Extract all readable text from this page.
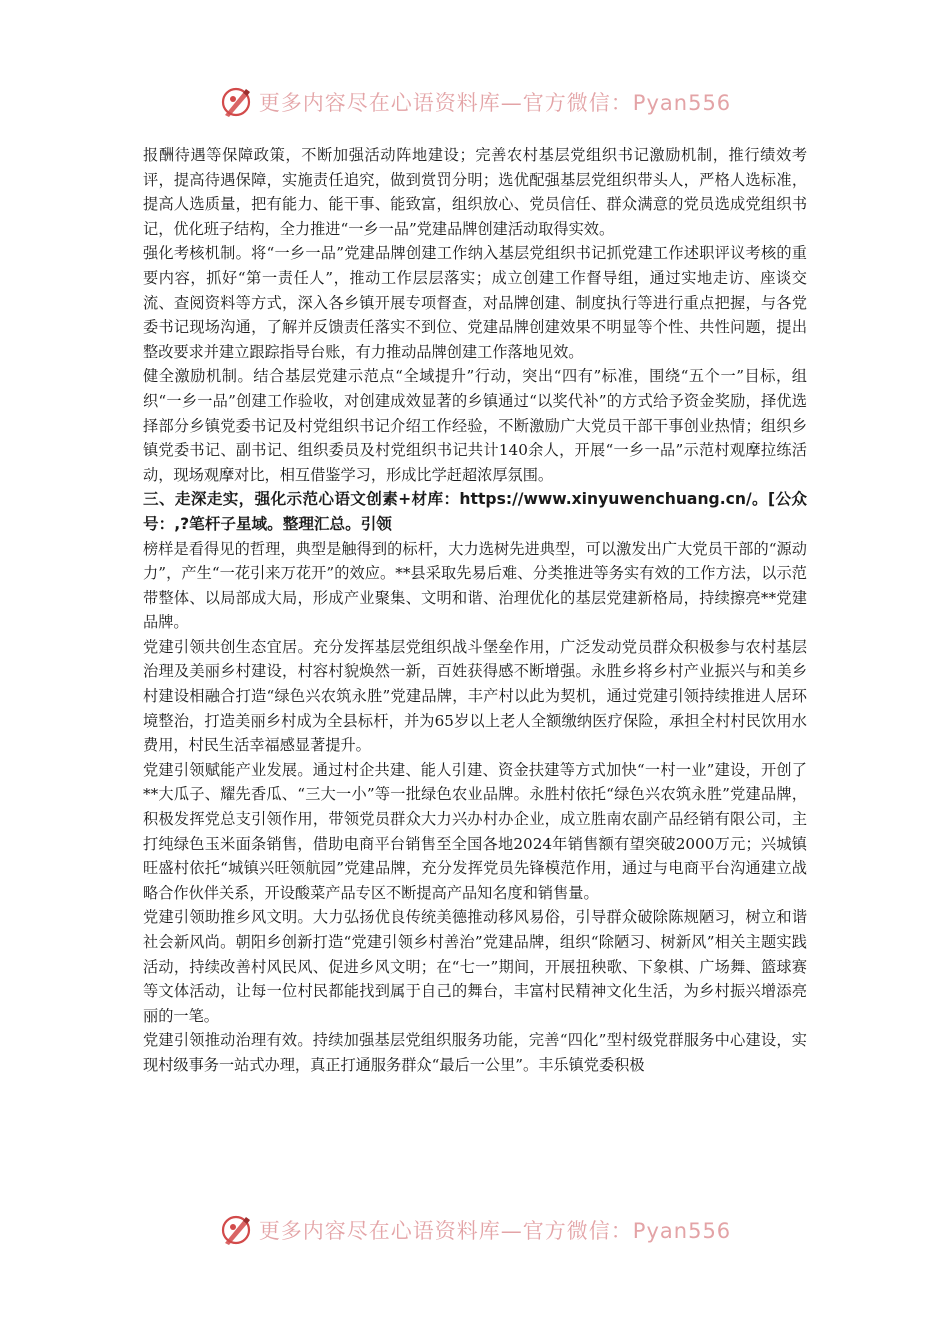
更多内容尽在心语资料库—官方微信：Pyan556

报酬待遇等保障政策，不断加强活动阵地建设；完善农村基层党组织书记激励机制，推行绩效考评，提高待遇保障，实施责任追究，做到赏罚分明；选优配强基层党组织带头人，严格人选标准，提高人选质量，把有能力、能干事、能致富，组织放心、党员信任、群众满意的党员选成党组织书记，优化班子结构，全力推进“一乡一品”党建品牌创建活动取得实效。

强化考核机制。将“一乡一品”党建品牌创建工作纳入基层党组织书记抓党建工作述职评议考核的重要内容，抓好“第一责任人”，推动工作层层落实；成立创建工作督导组，通过实地走访、座谈交流、查阅资料等方式，深入各乡镇开展专项督查，对品牌创建、制度执行等进行重点把握，与各党委书记现场沟通，了解并反馈责任落实不到位、党建品牌创建效果不明显等个性、共性问题，提出整改要求并建立跟踪指导台账，有力推动品牌创建工作落地见效。

健全激励机制。结合基层党建示范点“全域提升”行动，突出“四有”标准，围绕“五个一”目标，组织“一乡一品”创建工作验收，对创建成效显著的乡镇通过“以奖代补”的方式给予资金奖励，择优选择部分乡镇党委书记及村党组织书记介绍工作经验，不断激励广大党员干部干事创业热情；组织乡镇党委书记、副书记、组织委员及村党组织书记共计140余人，开展“一乡一品”示范村观摩拉练活动，现场观摩对比，相互借鉴学习，形成比学赶超浓厚氛围。

三、走深走实，强化示范心语文创素+材库：https://www.xinyuwenchuang.cn/。[公众号：,?笔杆子星域。整理汇总。引领

榜样是看得见的哲理，典型是触得到的标杆，大力选树先进典型，可以激发出广大党员干部的“源动力”，产生“一花引来万花开”的效应。**县采取先易后难、分类推进等务实有效的工作方法，以示范带整体、以局部成大局，形成产业聚集、文明和谐、治理优化的基层党建新格局，持续擦亮**党建品牌。

党建引领共创生态宜居。充分发挥基层党组织战斗堡垒作用，广泛发动党员群众积极参与农村基层治理及美丽乡村建设，村容村貌焕然一新，百姓获得感不断增强。永胜乡将乡村产业振兴与和美乡村建设相融合打造“绿色兴农筑永胜”党建品牌，丰产村以此为契机，通过党建引领持续推进人居环境整治，打造美丽乡村成为全县标杆，并为65岁以上老人全额缴纳医疗保险，承担全村村民饮用水费用，村民生活幸福感显著提升。

党建引领赋能产业发展。通过村企共建、能人引建、资金扶建等方式加快“一村一业”建设，开创了**大瓜子、耀先香瓜、“三大一小”等一批绿色农业品牌。永胜村依托“绿色兴农筑永胜”党建品牌，积极发挥党总支引领作用，带领党员群众大力兴办村办企业，成立胜南农副产品经销有限公司，主打纯绿色玉米面条销售，借助电商平台销售至全国各地2024年销售额有望突破2000万元；兴城镇旺盛村依托“城镇兴旺领航园”党建品牌，充分发挥党员先锋模范作用，通过与电商平台沟通建立战略合作伙伴关系，开设酸菜产品专区不断提高产品知名度和销售量。

党建引领助推乡风文明。大力弘扬优良传统美德推动移风易俗，引导群众破除陈规陋习，树立和谐社会新风尚。朝阳乡创新打造“党建引领乡村善治”党建品牌，组织“除陋习、树新风”相关主题实践活动，持续改善村风民风、促进乡风文明；在“七一”期间，开展扭秧歌、下象棋、广场舞、篮球赛等文体活动，让每一位村民都能找到属于自己的舞台，丰富村民精神文化生活，为乡村振兴增添亮丽的一笔。

党建引领推动治理有效。持续加强基层党组织服务功能，完善“四化”型村级党群服务中心建设，实现村级事务一站式办理，真正打通服务群众“最后一公里”。丰乐镇党委积极

更多内容尽在心语资料库—官方微信：Pyan556
